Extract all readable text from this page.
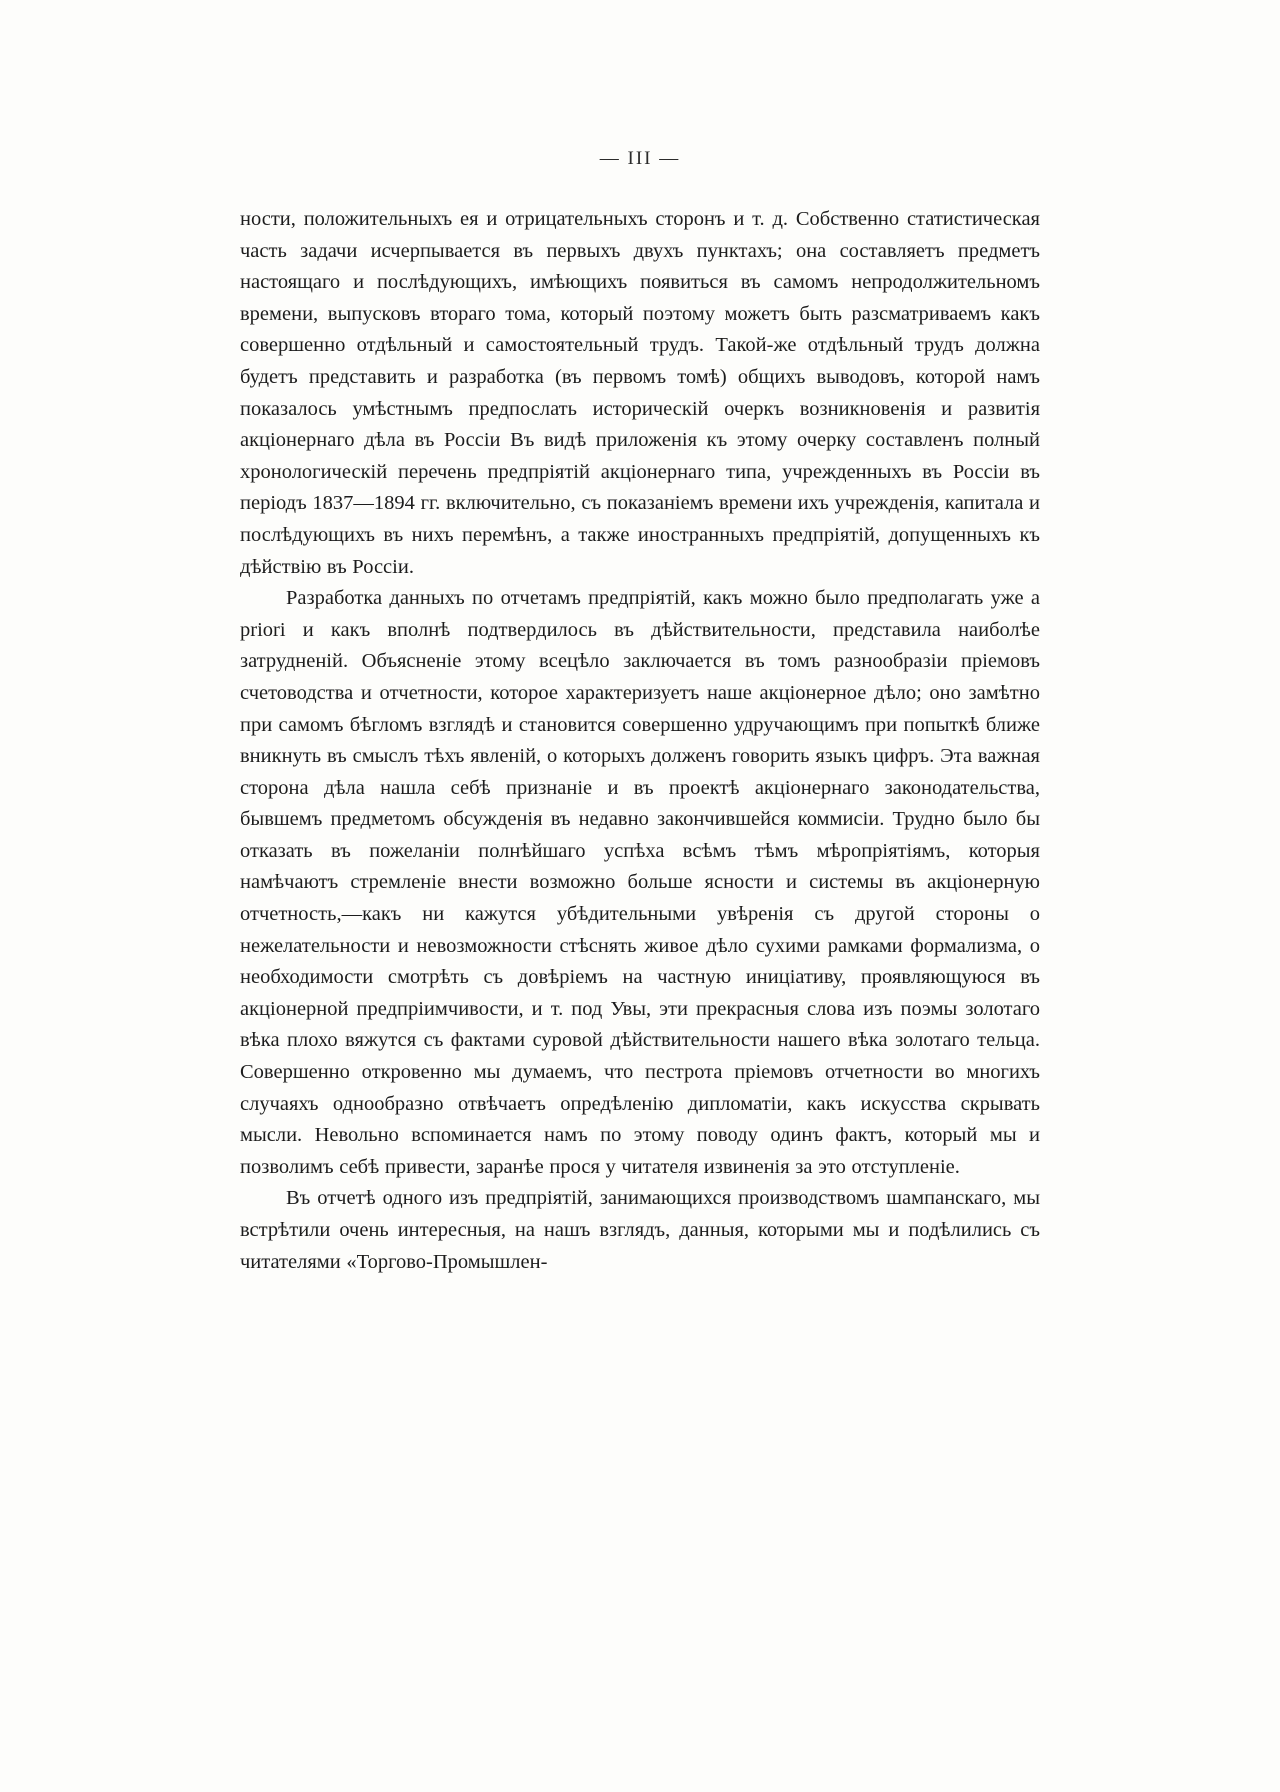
— III —

ности, положительныхъ ея и отрицательныхъ сторонъ и т. д. Собственно статистическая часть задачи исчерпывается въ первыхъ двухъ пунктахъ; она составляетъ предметъ настоящаго и послѣдующихъ, имѣющихъ появиться въ самомъ непродолжительномъ времени, выпусковъ втораго тома, который поэтому можетъ быть разсматриваемъ какъ совершенно отдѣльный и самостоятельный трудъ. Такой-же отдѣльный трудъ должна будетъ представить и разработка (въ первомъ томѣ) общихъ выводовъ, которой намъ показалось умѣстнымъ предпослать историческій очеркъ возникновенія и развитія акціонернаго дѣла въ Россіи Въ видѣ приложенія къ этому очерку составленъ полный хронологическій перечень предпріятій акціонернаго типа, учрежденныхъ въ Россіи въ періодъ 1837—1894 гг. включительно, съ показаніемъ времени ихъ учрежденія, капитала и послѣдующихъ въ нихъ перемѣнъ, а также иностранныхъ предпріятій, допущенныхъ къ дѣйствію въ Россіи.

Разработка данныхъ по отчетамъ предпріятій, какъ можно было предполагать уже a priori и какъ вполнѣ подтвердилось въ дѣйствительности, представила наиболѣе затрудненій. Объясненіе этому всецѣло заключается въ томъ разнообразіи пріемовъ счетоводства и отчетности, которое характеризуетъ наше акціонерное дѣло; оно замѣтно при самомъ бѣгломъ взглядѣ и становится совершенно удручающимъ при попыткѣ ближе вникнуть въ смыслъ тѣхъ явленій, о которыхъ долженъ говорить языкъ цифръ. Эта важная сторона дѣла нашла себѣ признаніе и въ проектѣ акціонернаго законодательства, бывшемъ предметомъ обсужденія въ недавно закончившейся коммисіи. Трудно было бы отказать въ пожеланіи полнѣйшаго успѣха всѣмъ тѣмъ мѣропріятіямъ, которыя намѣчаютъ стремленіе внести возможно больше ясности и системы въ акціонерную отчетность,—какъ ни кажутся убѣдительными увѣренія съ другой стороны о нежелательности и невозможности стѣснять живое дѣло сухими рамками формализма, о необходимости смотрѣть съ довѣріемъ на частную иниціативу, проявляющуюся въ акціонерной предпріимчивости, и т. под Увы, эти прекрасныя слова изъ поэмы золотаго вѣка плохо вяжутся съ фактами суровой дѣйствительности нашего вѣка золотаго тельца. Совершенно откровенно мы думаемъ, что пестрота пріемовъ отчетности во многихъ случаяхъ однообразно отвѣчаетъ опредѣленію дипломатіи, какъ искусства скрывать мысли. Невольно вспоминается намъ по этому поводу одинъ фактъ, который мы и позволимъ себѣ привести, заранѣе прося у читателя извиненія за это отступленіе.

Въ отчетѣ одного изъ предпріятій, занимающихся производствомъ шампанскаго, мы встрѣтили очень интересныя, на нашъ взглядъ, данныя, которыми мы и подѣлились съ читателями «Торгово-Промышлен-
